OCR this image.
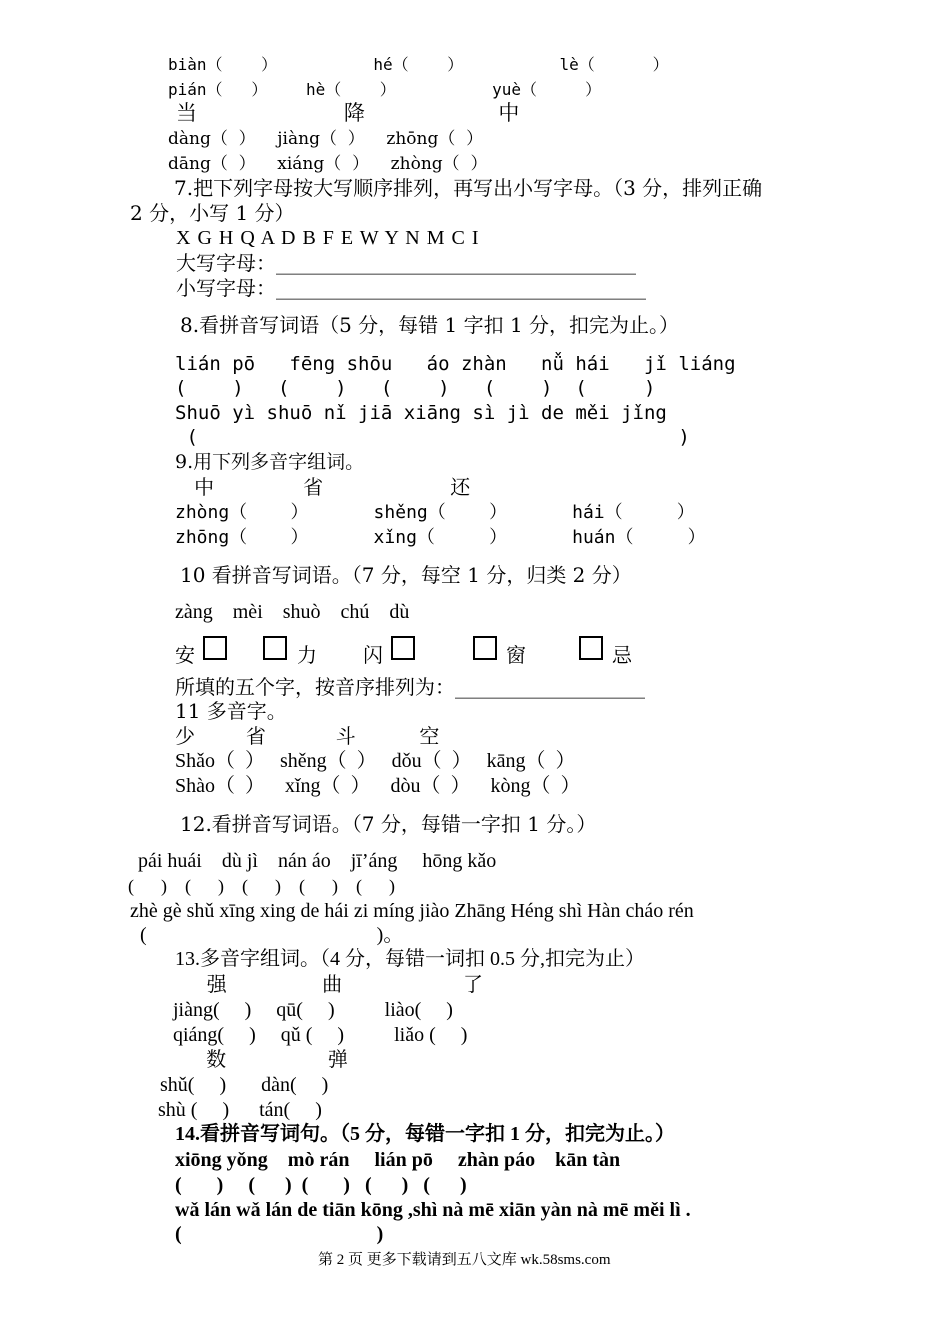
biàn（    ）          hé（    ）          lè（      ）
pián（   ）    hè（    ）          yuè（     ）
当                      降                    中
dàng（  ）    jiàng（  ）    zhōng（  ）
dāng（  ）    xiáng（  ）    zhòng（  ）
7.把下列字母按大写顺序排列，再写出小写字母。（3 分，排列正确
2 分，小写 1 分）
X G H Q A D B F E W Y N M C I
大写字母：____________________________________
小写字母：_____________________________________
8.看拼音写词语（5 分，每错 1 字扣 1 分，扣完为止。）
lián pō   fēng shōu   áo zhàn   nǚ hái   jǐ liáng
(    )   (    )   (    )   (    )  (     )
Shuō yì shuō nǐ jiā xiāng sì jì de měi jǐng
(                                          )
9.用下列多音字组词。
中              省                    还
zhòng（    ）      shěng（    ）      hái（     ）
zhōng（    ）      xǐng（     ）      huán（     ）
10 看拼音写词语。（7 分，每空 1 分，归类 2 分）
zàng    mèi    shuò    chú    dù
安	力 闪	窗	忌
所填的五个字，按音序排列为：___________________
11 多音字。
少        省           斗          空
Shǎo（  ）   shěng（  ）   dǒu（  ）   kāng（  ）
Shào（  ）    xǐng（  ）    dòu（  ）    kòng（  ）
12.看拼音写词语。（7 分，每错一字扣 1 分。）
pái huái    dù jì    nán áo    jī’áng     hōng kǎo
(      )    (      )    (      )    (      )    (      )
zhè gè shǔ xīng xing de hái zi míng jiào Zhāng Héng shì Hàn cháo rén
(                                              )。
13.多音字组词。（4 分，每错一词扣 0.5 分,扣完为止）
强               曲                   了
jiàng(     )     qū(     )          liào(     )
qiáng(     )     qǔ (     )          liǎo (     )
数                弹
shǔ(     )       dàn(     )
shù (     )      tán(     )
14.看拼音写词句。（5 分，每错一字扣 1 分，扣完为止。）
xiōng yǒng    mò rán     lián pō     zhàn páo    kān tàn
(       )     (      )  (       )   (      )   (      )
wǎ lán wǎ lán de tiān kōng ,shì nà mē xiān yàn nà mē měi lì .
(                                       )
第 2 页 更多下载请到五八文库 wk.58sms.com
